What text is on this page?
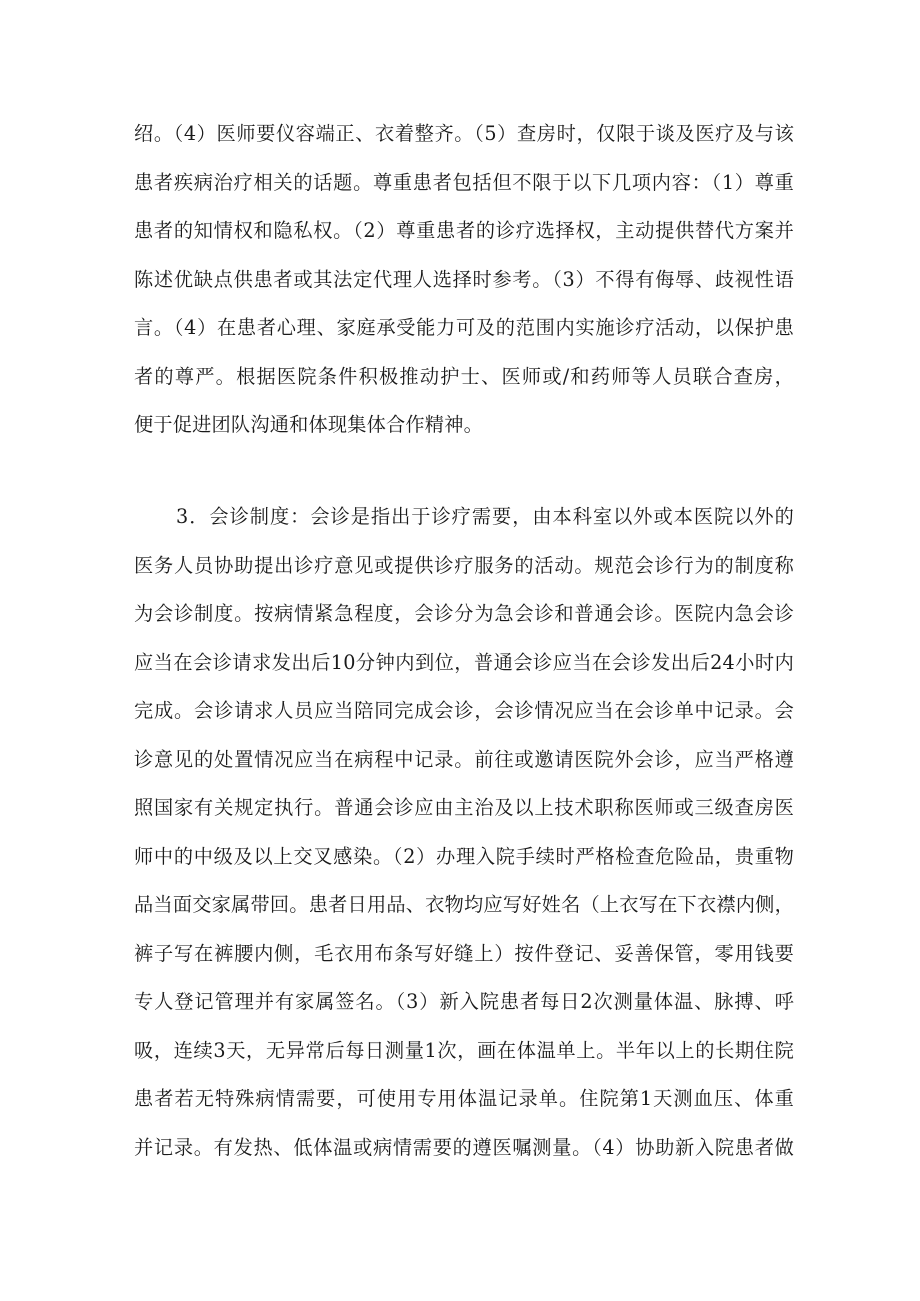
绍。（4）医师要仪容端正、衣着整齐。（5）查房时，仅限于谈及医疗及与该
患者疾病治疗相关的话题。尊重患者包括但不限于以下几项内容：（1）尊重
患者的知情权和隐私权。（2）尊重患者的诊疗选择权，主动提供替代方案并
陈述优缺点供患者或其法定代理人选择时参考。（3）不得有侮辱、歧视性语
言。（4）在患者心理、家庭承受能力可及的范围内实施诊疗活动，以保护患
者的尊严。根据医院条件积极推动护士、医师或/和药师等人员联合查房，
便于促进团队沟通和体现集体合作精神。
3．会诊制度：会诊是指出于诊疗需要，由本科室以外或本医院以外的
医务人员协助提出诊疗意见或提供诊疗服务的活动。规范会诊行为的制度称
为会诊制度。按病情紧急程度，会诊分为急会诊和普通会诊。医院内急会诊
应当在会诊请求发出后10分钟内到位，普通会诊应当在会诊发出后24小时内
完成。会诊请求人员应当陪同完成会诊，会诊情况应当在会诊单中记录。会
诊意见的处置情况应当在病程中记录。前往或邀请医院外会诊，应当严格遵
照国家有关规定执行。普通会诊应由主治及以上技术职称医师或三级查房医
师中的中级及以上交叉感染。（2）办理入院手续时严格检查危险品，贵重物
品当面交家属带回。患者日用品、衣物均应写好姓名（上衣写在下衣襟内侧，
裤子写在裤腰内侧，毛衣用布条写好缝上）按件登记、妥善保管，零用钱要
专人登记管理并有家属签名。（3）新入院患者每日2次测量体温、脉搏、呼
吸，连续3天，无异常后每日测量1次，画在体温单上。半年以上的长期住院
患者若无特殊病情需要，可使用专用体温记录单。住院第1天测血压、体重
并记录。有发热、低体温或病情需要的遵医嘱测量。（4）协助新入院患者做
